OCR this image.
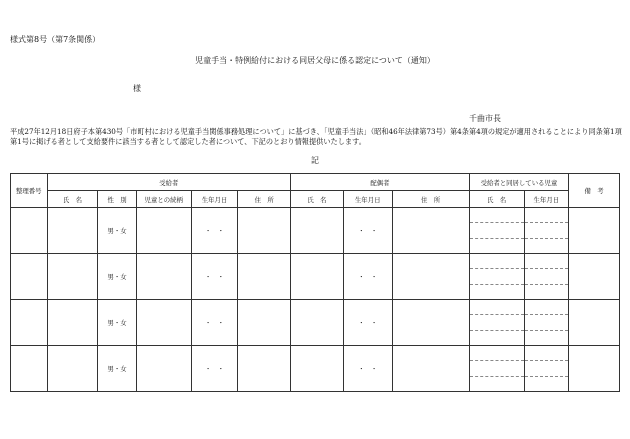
様式第8号（第7条関係）
児童手当・特例給付における同居父母に係る認定について（通知）
様
千曲市長
平成27年12月18日府子本第430号「市町村における児童手当関係事務処理について」に基づき、「児童手当法」（昭和46年法律第73号）第4条第4項の規定が適用されることにより同条第1項第1号に掲げる者として支給要件に該当する者として認定した者について、下記のとおり情報提供いたします。
記
整理番号	受給者					配偶者			受給者と同居している児童		備　考
	氏　名	性　別	児童との続柄	生年月日	住　所	氏　名	生年月日	住　所	氏　名	生年月日	
		男・女		・　・			・　・		

		男・女		・　・			・　・		

		男・女		・　・			・　・		

		男・女		・　・			・　・		
